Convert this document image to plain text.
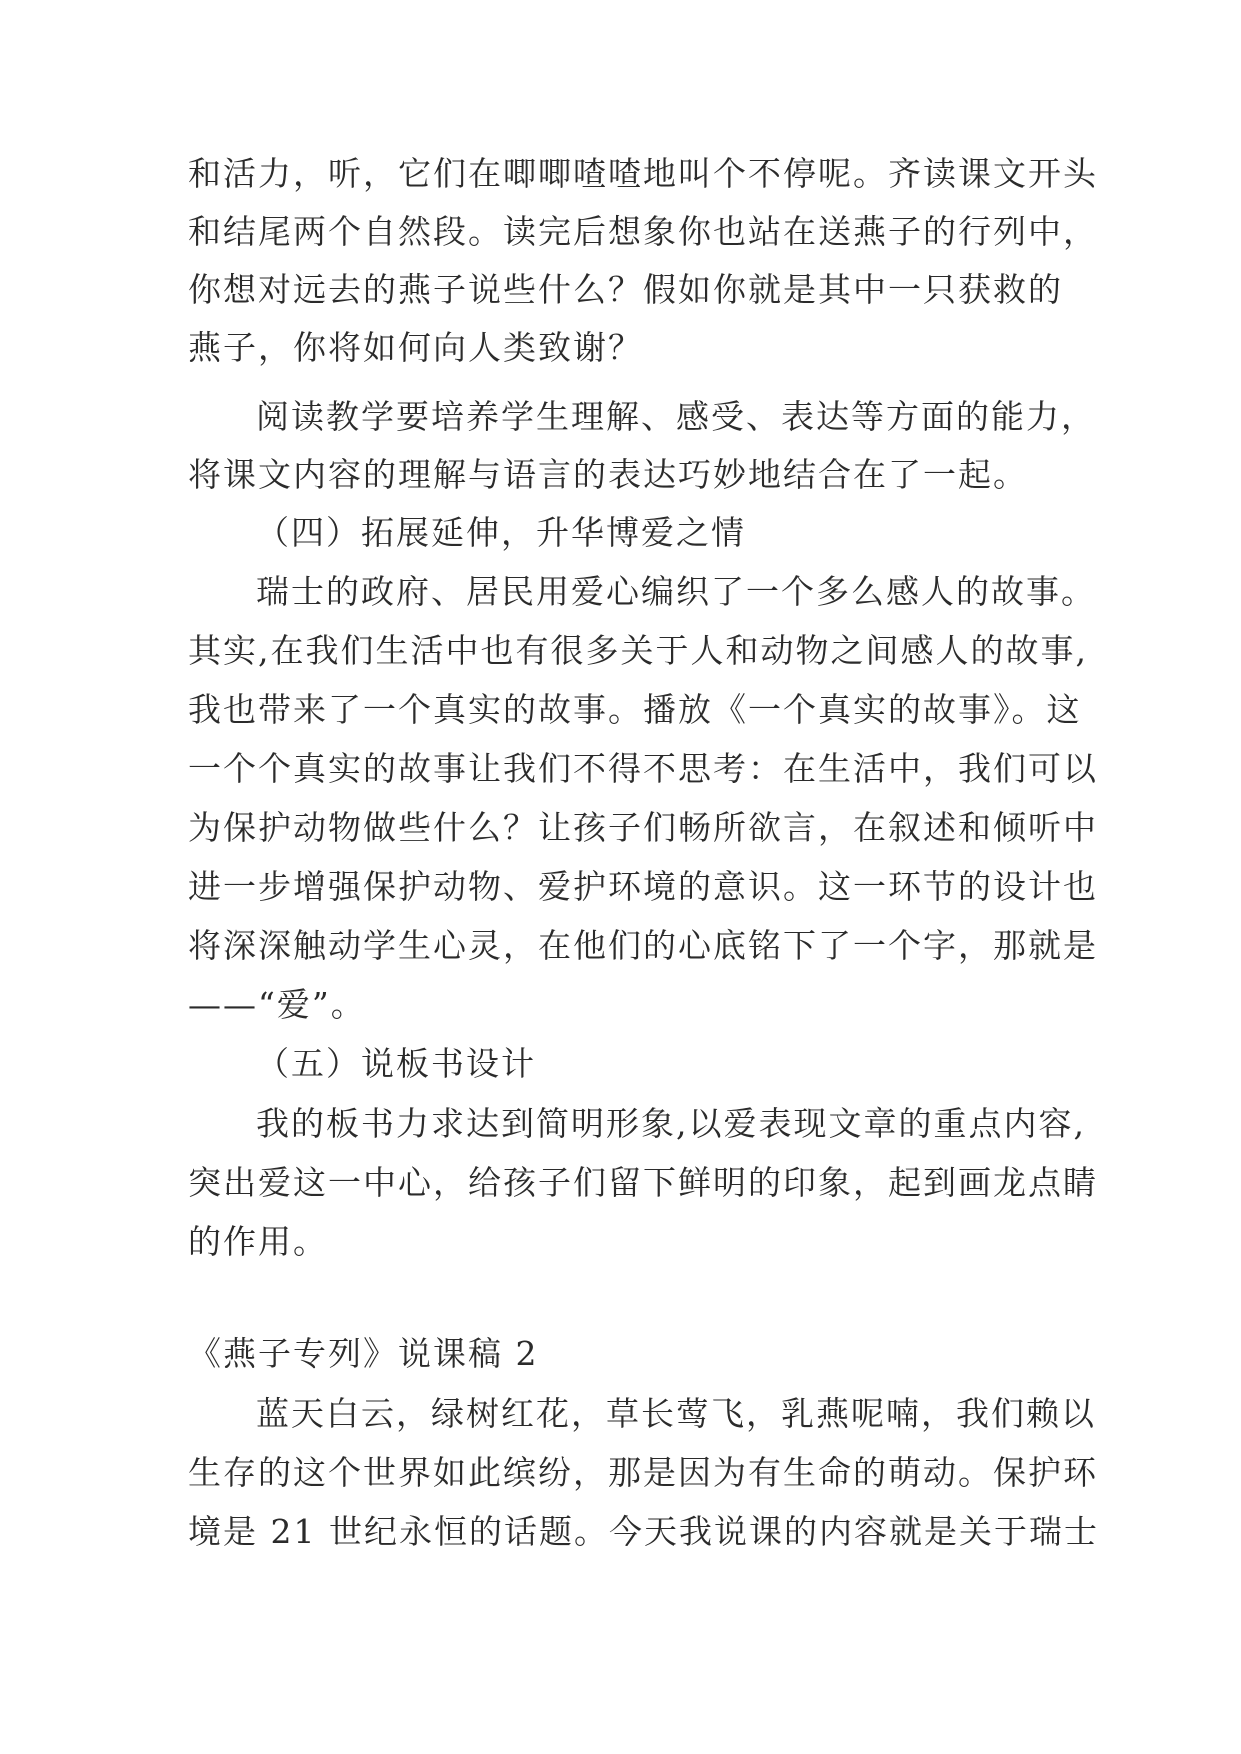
和活力，听，它们在唧唧喳喳地叫个不停呢。齐读课文开头
和结尾两个自然段。读完后想象你也站在送燕子的行列中，
你想对远去的燕子说些什么？假如你就是其中一只获救的
燕子，你将如何向人类致谢？
阅读教学要培养学生理解、感受、表达等方面的能力，
将课文内容的理解与语言的表达巧妙地结合在了一起。
（四）拓展延伸，升华博爱之情
瑞士的政府、居民用爱心编织了一个多么感人的故事。
其实,在我们生活中也有很多关于人和动物之间感人的故事,
我也带来了一个真实的故事。播放《一个真实的故事》。这
一个个真实的故事让我们不得不思考：在生活中，我们可以
为保护动物做些什么？让孩子们畅所欲言，在叙述和倾听中
进一步增强保护动物、爱护环境的意识。这一环节的设计也
将深深触动学生心灵，在他们的心底铭下了一个字，那就是
——“爱”。
（五）说板书设计
我的板书力求达到简明形象,以爱表现文章的重点内容,
突出爱这一中心，给孩子们留下鲜明的印象，起到画龙点睛
的作用。
《燕子专列》说课稿 2
蓝天白云，绿树红花，草长莺飞，乳燕呢喃，我们赖以
生存的这个世界如此缤纷，那是因为有生命的萌动。保护环
境是 21 世纪永恒的话题。今天我说课的内容就是关于瑞士
